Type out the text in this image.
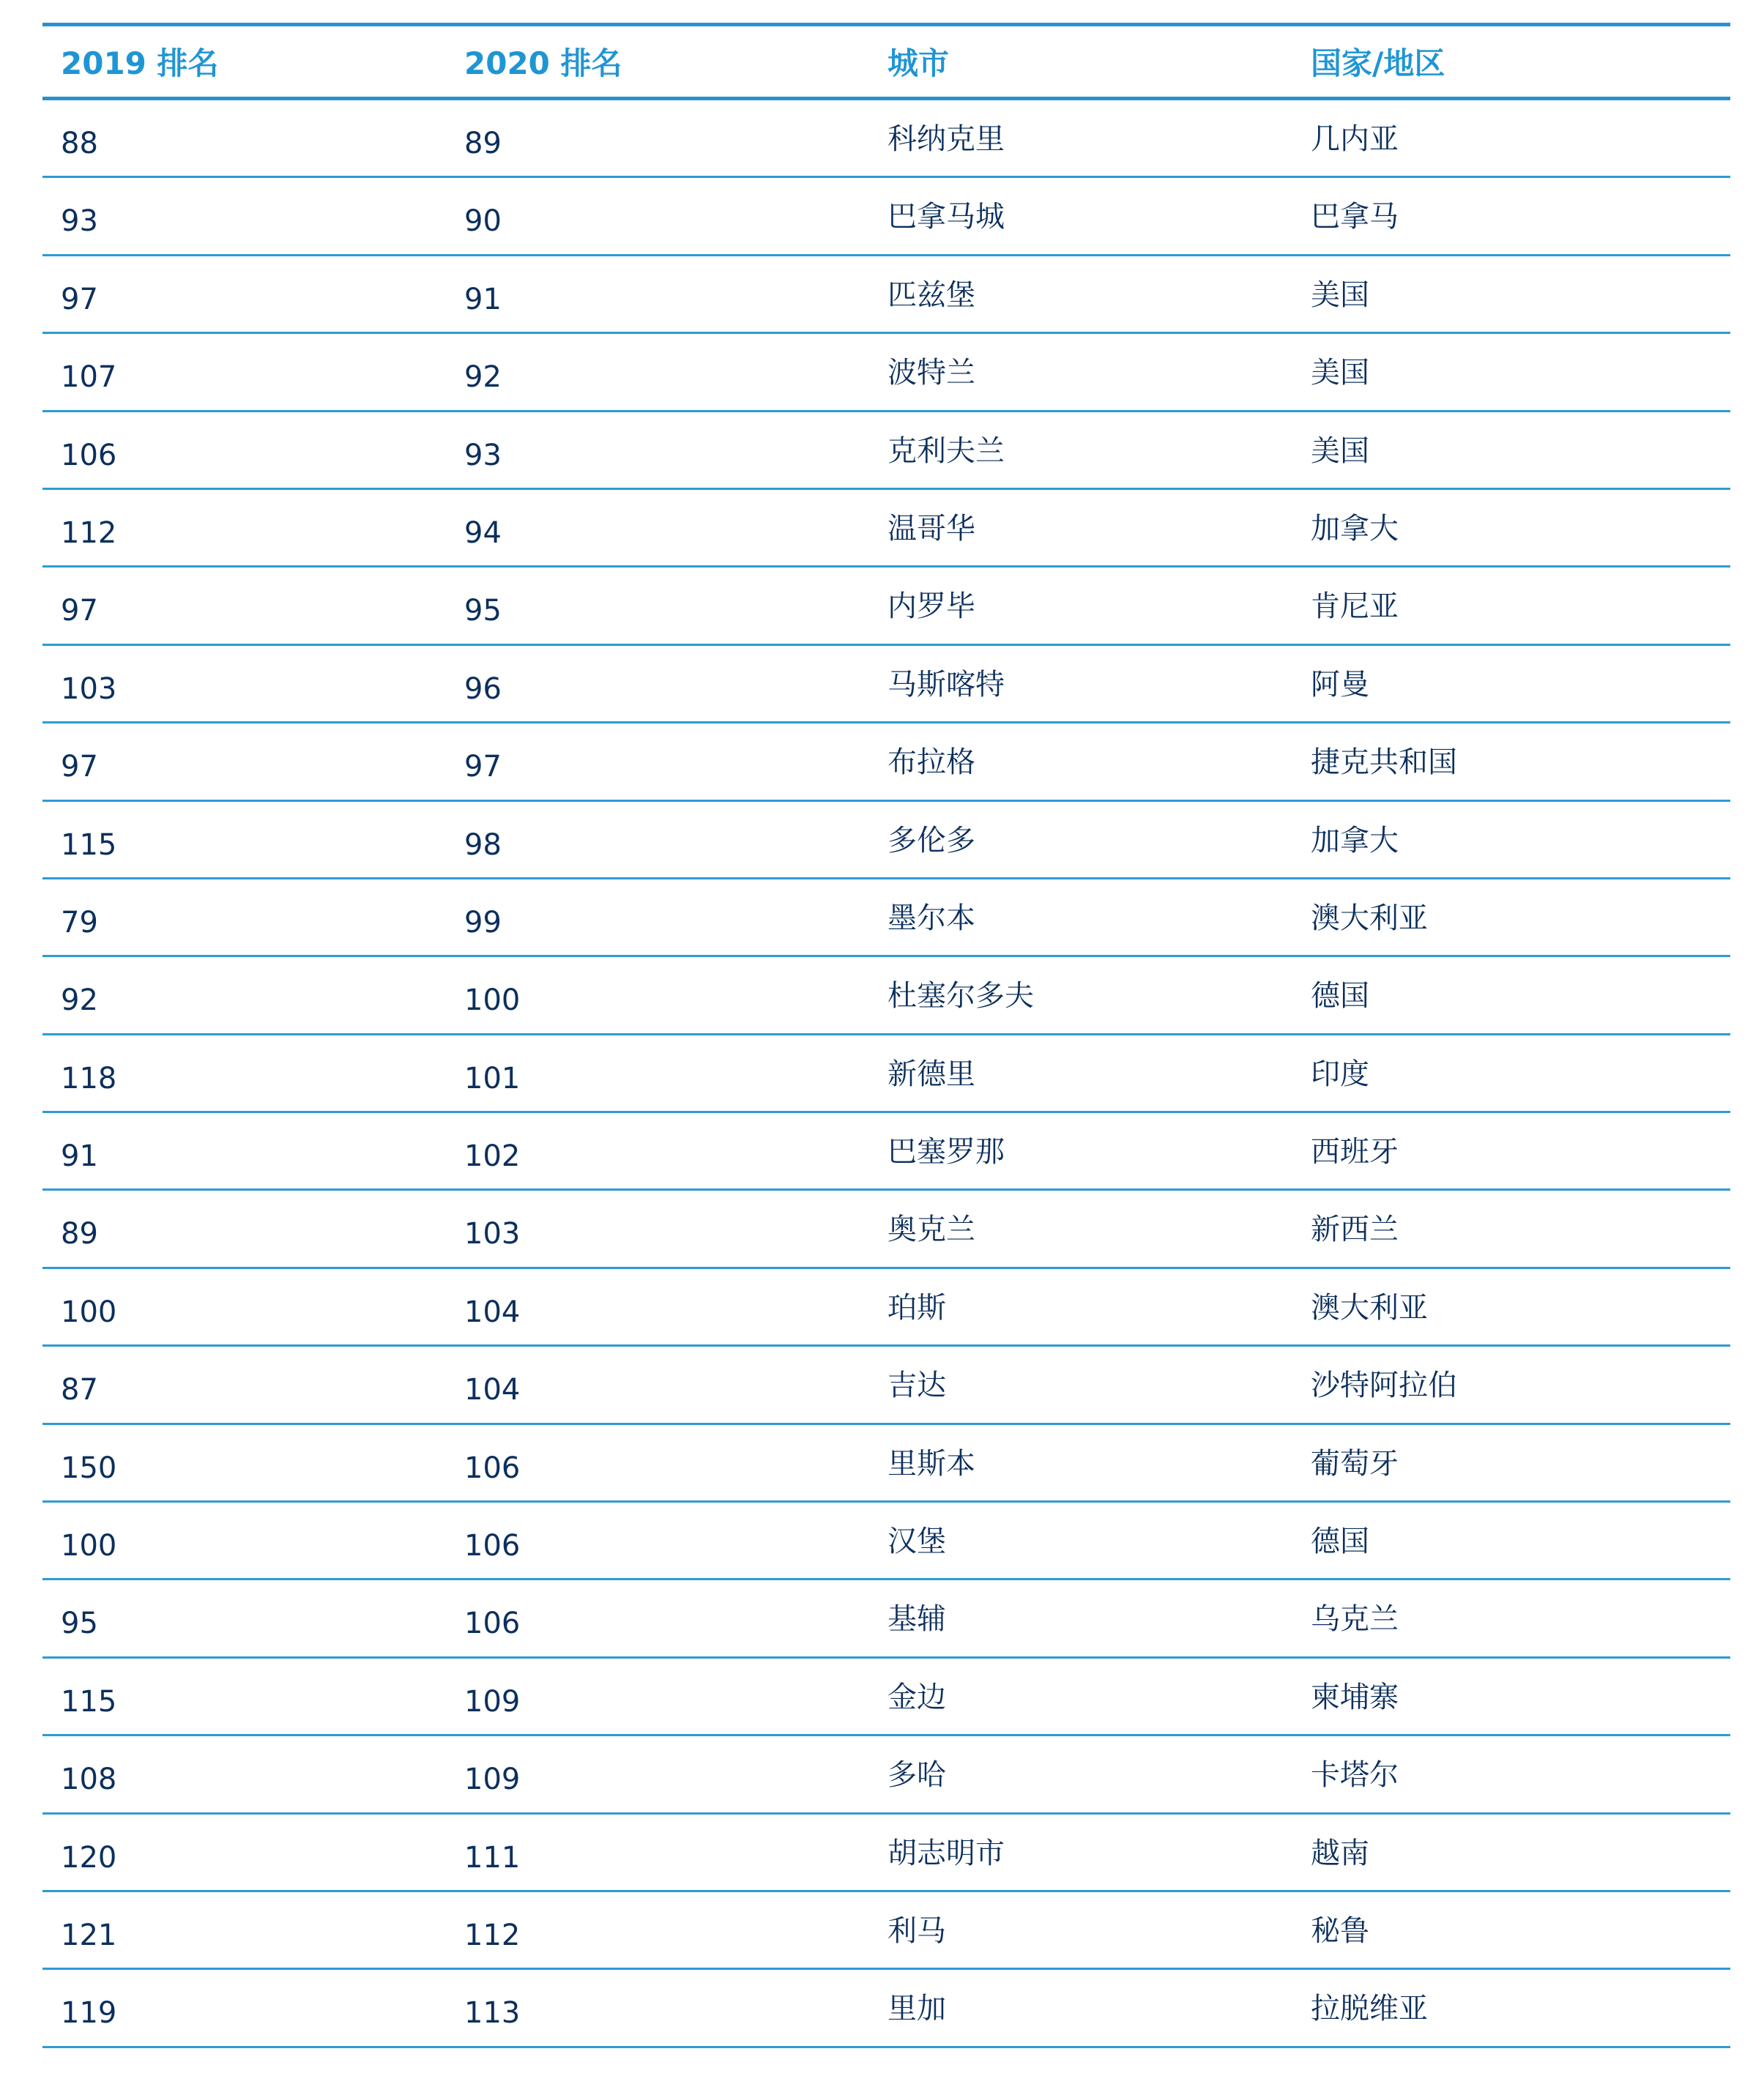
2019 排名	2020 排名	城市	国家/地区
88	89	科纳克里	几内亚
93	90	巴拿马城	巴拿马
97	91	匹兹堡	美国
107	92	波特兰	美国
106	93	克利夫兰	美国
112	94	温哥华	加拿大
97	95	内罗毕	肯尼亚
103	96	马斯喀特	阿曼
97	97	布拉格	捷克共和国
115	98	多伦多	加拿大
79	99	墨尔本	澳大利亚
92	100	杜塞尔多夫	德国
118	101	新德里	印度
91	102	巴塞罗那	西班牙
89	103	奥克兰	新西兰
100	104	珀斯	澳大利亚
87	104	吉达	沙特阿拉伯
150	106	里斯本	葡萄牙
100	106	汉堡	德国
95	106	基辅	乌克兰
115	109	金边	柬埔寨
108	109	多哈	卡塔尔
120	111	胡志明市	越南
121	112	利马	秘鲁
119	113	里加	拉脱维亚
